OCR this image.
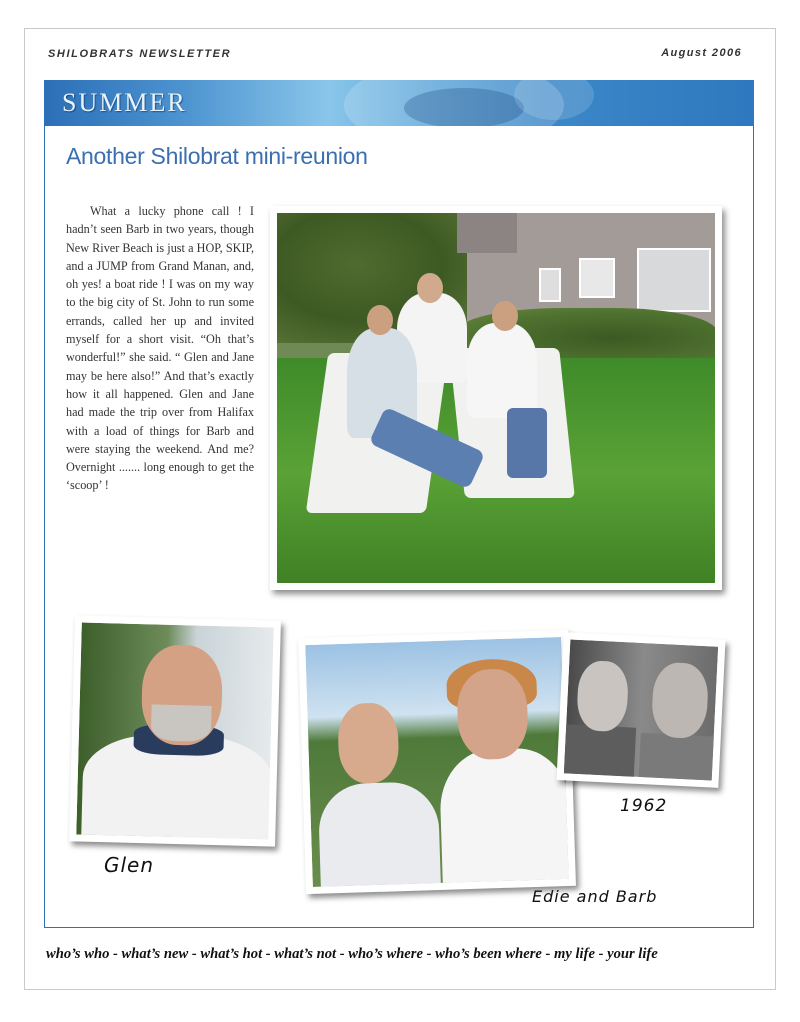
SHILOBRATS NEWSLETTER	August 2006
SUMMER
Another Shilobrat mini-reunion
What a lucky phone call ! I hadn’t seen Barb in two years, though New River Beach is just a HOP, SKIP, and a JUMP from Grand Manan, and, oh yes! a boat ride ! I was on my way to the big city of St. John to run some errands, called her up and invited myself for a short visit. “Oh that’s wonderful!” she said. “ Glen and Jane may be here also!” And that’s exactly how it all happened. Glen and Jane had made the trip over from Halifax with a load of things for Barb and were staying the weekend. And me? Overnight ....... long enough to get the ‘scoop’ !
Glen
1962
Edie and Barb
who’s who - what’s new - what’s hot - what’s not - who’s where - who’s been where - my life - your life
